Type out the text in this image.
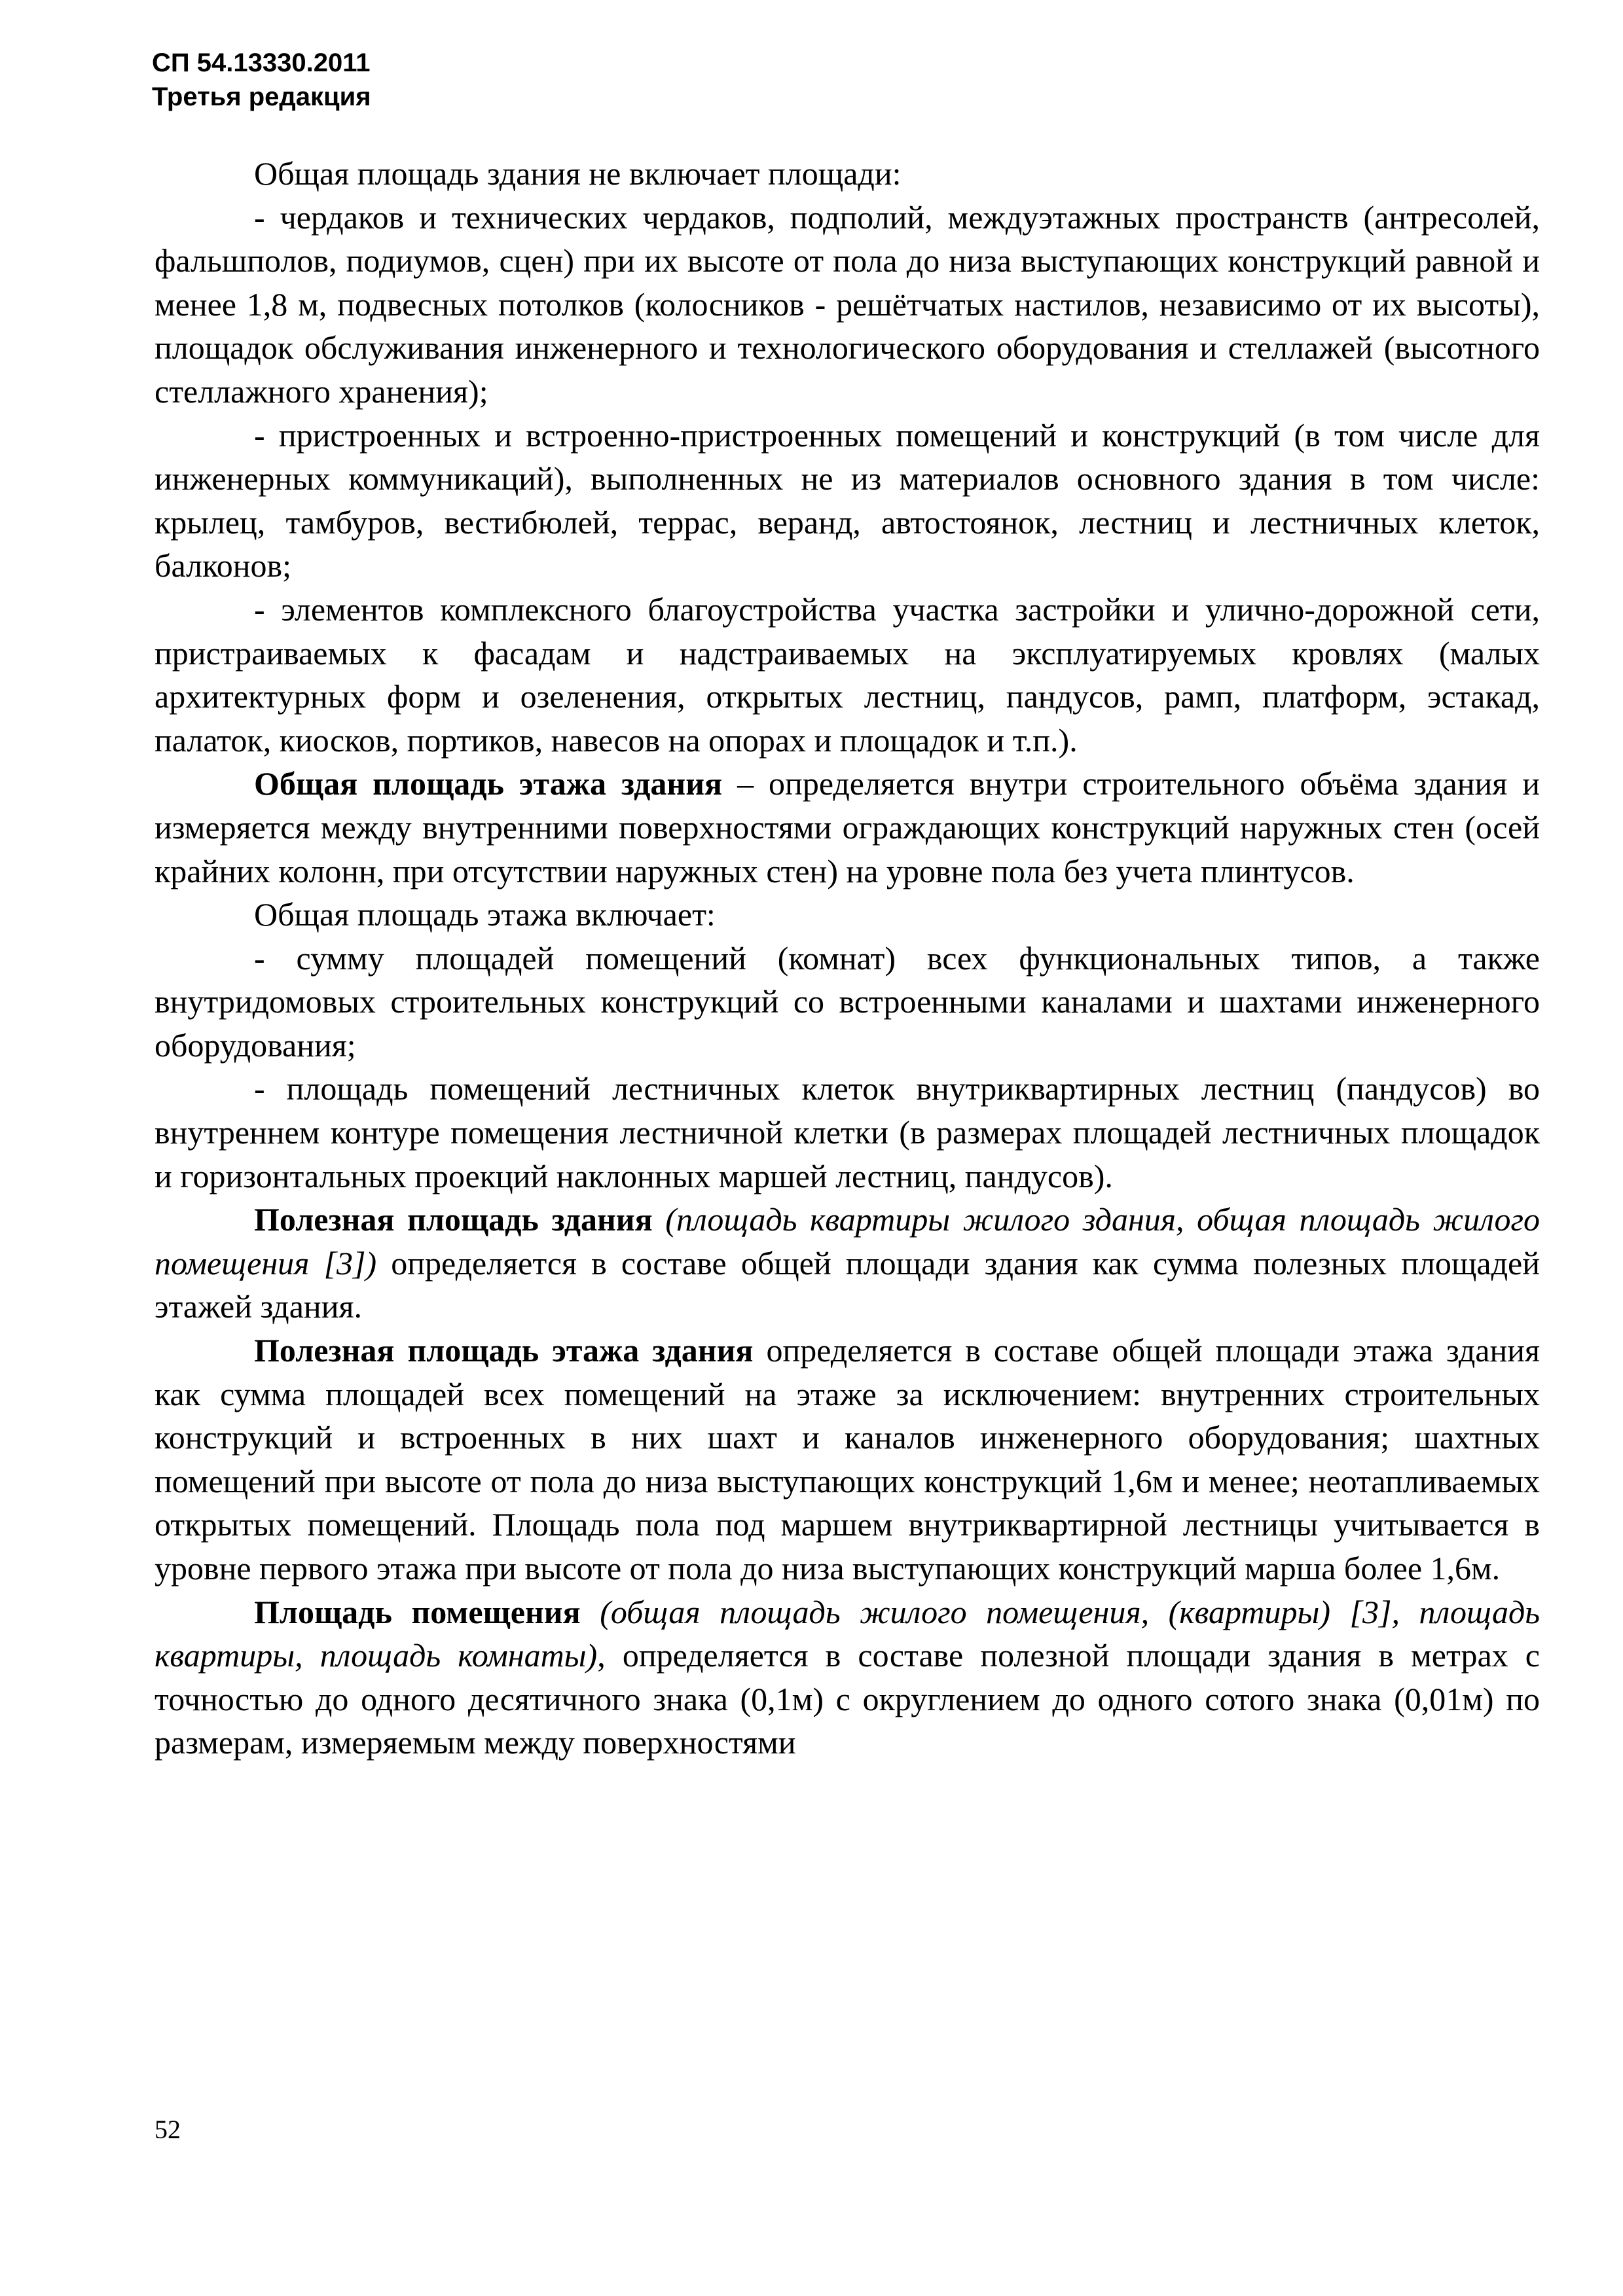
СП 54.13330.2011
Третья редакция

Общая площадь здания не включает площади:

- чердаков и технических чердаков, подполий, междуэтажных пространств (антресолей, фальшполов, подиумов, сцен) при их высоте от пола до низа выступающих конструкций равной и менее 1,8 м, подвесных потолков (колосников - решётчатых настилов, независимо от их высоты), площадок обслуживания инженерного и технологического оборудования и стеллажей (высотного стеллажного хранения);

- пристроенных и встроенно-пристроенных помещений и конструкций (в том числе для инженерных коммуникаций), выполненных не из материалов основного здания в том числе: крылец, тамбуров, вестибюлей, террас, веранд, автостоянок, лестниц и лестничных клеток, балконов;

- элементов комплексного благоустройства участка застройки и улично-дорожной сети, пристраиваемых к фасадам и надстраиваемых на эксплуатируемых кровлях (малых архитектурных форм и озеленения, открытых лестниц, пандусов, рамп, платформ, эстакад, палаток, киосков, портиков, навесов на опорах и площадок и т.п.).

Общая площадь этажа здания – определяется внутри строительного объёма здания и измеряется между внутренними поверхностями ограждающих конструкций наружных стен (осей крайних колонн, при отсутствии наружных стен) на уровне пола без учета плинтусов.

Общая площадь этажа включает:

- сумму площадей помещений (комнат) всех функциональных типов, а также внутридомовых строительных конструкций со встроенными каналами и шахтами инженерного оборудования;

- площадь помещений лестничных клеток внутриквартирных лестниц (пандусов) во внутреннем контуре помещения лестничной клетки (в размерах площадей лестничных площадок и горизонтальных проекций наклонных маршей лестниц, пандусов).

Полезная площадь здания (площадь квартиры жилого здания, общая площадь жилого помещения [3]) определяется в составе общей площади здания как сумма полезных площадей этажей здания.

Полезная площадь этажа здания определяется в составе общей площади этажа здания как сумма площадей всех помещений на этаже за исключением: внутренних строительных конструкций и встроенных в них шахт и каналов инженерного оборудования; шахтных помещений при высоте от пола до низа выступающих конструкций 1,6м и менее; неотапливаемых открытых помещений. Площадь пола под маршем внутриквартирной лестницы учитывается в уровне первого этажа при высоте от пола до низа выступающих конструкций марша более 1,6м.

Площадь помещения (общая площадь жилого помещения, (квартиры) [3], площадь квартиры, площадь комнаты), определяется в составе полезной площади здания в метрах с точностью до одного десятичного знака (0,1м) с округлением до одного сотого знака (0,01м) по размерам, измеряемым между поверхностями

52
